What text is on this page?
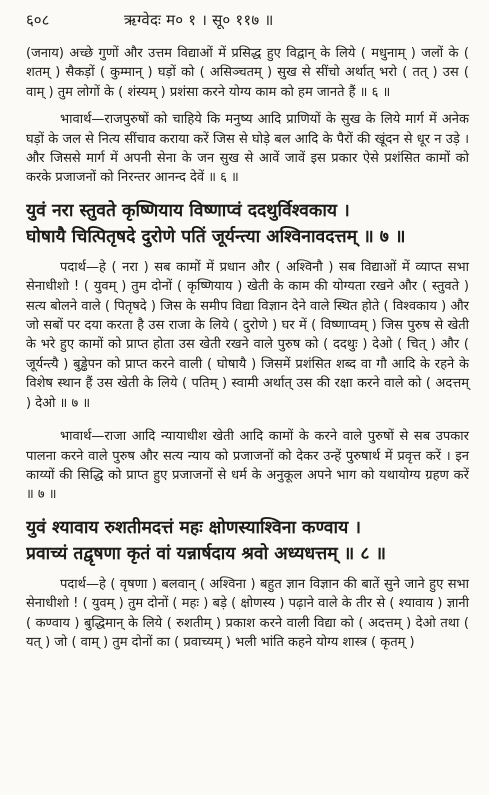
६०८	ऋग्वेदः म० १ । सू० ११७ ॥

(जनाय) अच्छे गुणों और उत्तम विद्याओं में प्रसिद्ध हुए विद्वान् के लिये ( मधुनाम् ) जलों के ( शतम् ) सैकड़ों ( कुम्मान् ) घड़ों को ( असिञ्चतम् ) सुख से सींचो अर्थात् भरो ( तत् ) उस ( वाम् ) तुम लोगों के ( शंस्यम् ) प्रशंसा करने योग्य काम को हम जानते हैं ॥ ६ ॥

भावार्थ—राजपुरुषों को चाहिये कि मनुष्य आदि प्राणियों के सुख के लिये मार्ग में अनेक घड़ों के जल से नित्य सींचाव कराया करें जिस से घोड़े बल आदि के पैरों की खूंदन से धूर न उड़े । और जिससे मार्ग में अपनी सेना के जन सुख से आवें जावें इस प्रकार ऐसे प्रशंसित कामों को करके प्रजाजनों को निरन्तर आनन्द देवें ॥ ६ ॥

युवं नरा स्तुवते कृष्णियाय विष्णाप्वं ददथुर्विश्वकाय ।
घोषायै चित्पितृषदे दुरोणे पतिं जूर्यन्त्या अश्विनावदत्तम् ॥ ७ ॥

पदार्थ—हे ( नरा ) सब कामों में प्रधान और ( अश्विनौ ) सब विद्याओं में व्याप्त सभा सेनाधीशो ! ( युवम् ) तुम दोनों ( कृष्णियाय ) खेती के काम की योग्यता रखने और ( स्तुवते ) सत्य बोलने वाले ( पितृषदे ) जिस के समीप विद्या विज्ञान देने वाले स्थित होते ( विश्वकाय ) और जो सबों पर दया करता है उस राजा के लिये ( दुरोणे ) घर में ( विष्णाप्वम् ) जिस पुरुष से खेती के भरे हुए कामों को प्राप्त होता उस खेती रखने वाले पुरुष को ( ददथुः ) देओ ( चित् ) और ( जूर्यन्त्यै ) बुड्ढेपन को प्राप्त करने वाली ( घोषायै ) जिसमें प्रशंसित शब्द वा गौ आदि के रहने के विशेष स्थान हैं उस खेती के लिये ( पतिम् ) स्वामी अर्थात् उस की रक्षा करने वाले को ( अदत्तम् ) देओ ॥ ७ ॥

भावार्थ—राजा आदि न्यायाधीश खेती आदि कामों के करने वाले पुरुषों से सब उपकार पालना करने वाले पुरुष और सत्य न्याय को प्रजाजनों को देकर उन्हें पुरुषार्थ में प्रवृत्त करें । इन काय्यों की सिद्धि को प्राप्त हुए प्रजाजनों से धर्म के अनुकूल अपने भाग को यथायोग्य ग्रहण करें ॥ ७ ॥

युवं श्यावाय रुशतीमदत्तं महः क्षोणस्याश्विना कण्वाय ।
प्रवाच्यं तद्वृषणा कृतं वां यन्नार्षदाय श्रवो अध्यधत्तम् ॥ ८ ॥

पदार्थ—हे ( वृषणा ) बलवान् ( अश्विना ) बहुत ज्ञान विज्ञान की बातें सुने जाने हुए सभा सेनाधीशो ! ( युवम् ) तुम दोनों ( महः ) बड़े ( क्षोणस्य ) पढ़ाने वाले के तीर से ( श्यावाय ) ज्ञानी ( कण्वाय ) बुद्धिमान् के लिये ( रुशतीम् ) प्रकाश करने वाली विद्या को ( अदत्तम् ) देओ तथा ( यत् ) जो ( वाम् ) तुम दोनों का ( प्रवाच्यम् ) भली भांति कहने योग्य शास्त्र ( कृतम् )
